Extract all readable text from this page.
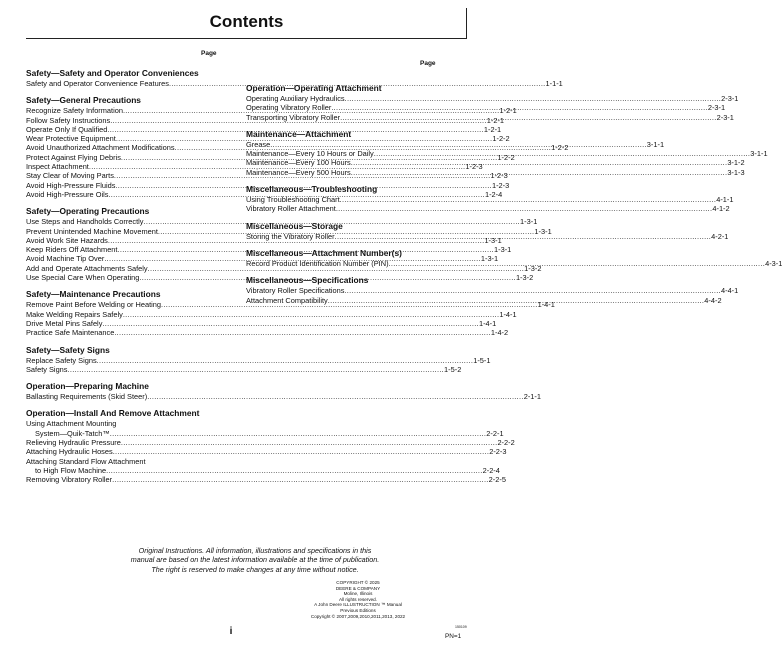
Contents
Page
Page
Safety—Safety and Operator Conveniences
Safety and Operator Convenience Features .....	1-1-1
Safety—General Precautions
Recognize Safety Information .....	1-2-1
Follow Safety Instructions .....	1-2-1
Operate Only If Qualified .....	1-2-1
Wear Protective Equipment .....	1-2-2
Avoid Unauthorized Attachment Modifications .....	1-2-2
Protect Against Flying Debris .....	1-2-2
Inspect Attachment .....	1-2-3
Stay Clear of Moving Parts .....	1-2-3
Avoid High-Pressure Fluids .....	1-2-3
Avoid High-Pressure Oils .....	1-2-4
Safety—Operating Precautions
Use Steps and Handholds Correctly .....	1-3-1
Prevent Unintended Machine Movement .....	1-3-1
Avoid Work Site Hazards .....	1-3-1
Keep Riders Off Attachment .....	1-3-1
Avoid Machine Tip Over .....	1-3-1
Add and Operate Attachments Safely .....	1-3-2
Use Special Care When Operating .....	1-3-2
Safety—Maintenance Precautions
Remove Paint Before Welding or Heating .....	1-4-1
Make Welding Repairs Safely .....	1-4-1
Drive Metal Pins Safely .....	1-4-1
Practice Safe Maintenance .....	1-4-2
Safety—Safety Signs
Replace Safety Signs .....	1-5-1
Safety Signs .....	1-5-2
Operation—Preparing Machine
Ballasting Requirements (Skid Steer) .....	2-1-1
Operation—Install And Remove Attachment
Using Attachment Mounting
System—Quik-Tatch™ .....	2-2-1
Relieving Hydraulic Pressure .....	2-2-2
Attaching Hydraulic Hoses .....	2-2-3
Attaching Standard Flow Attachment
to High Flow Machine .....	2-2-4
Removing Vibratory Roller .....	2-2-5
Operation—Operating Attachment
Operating Auxiliary Hydraulics .....	2-3-1
Operating Vibratory Roller .....	2-3-1
Transporting Vibratory Roller .....	2-3-1
Maintenance—Attachment
Grease .....	3-1-1
Maintenance—Every 10 Hours or Daily .....	3-1-1
Maintenance—Every 100 Hours .....	3-1-2
Maintenance—Every 500 Hours .....	3-1-3
Miscellaneous—Troubleshooting
Using Troubleshooting Chart .....	4-1-1
Vibratory Roller Attachment .....	4-1-2
Miscellaneous—Storage
Storing the Vibratory Roller .....	4-2-1
Miscellaneous—Attachment Number(s)
Record Product Identification Number (PIN) .....	4-3-1
Miscellaneous—Specifications
Vibratory Roller Specifications .....	4-4-1
Attachment Compatibility .....	4-4-2
Original Instructions. All information, illustrations and specifications in this
manual are based on the latest information available at the time of publication.
The right is reserved to make changes at any time without notice.
COPYRIGHT © 2025
DEERE & COMPANY
Moline, Illinois
All rights reserved.
A John Deere ILLUSTRUCTION ™ Manual
Previous Editions
Copyright © 2007,2009,2010,2011,2013, 2022
i	150109
PN=1
